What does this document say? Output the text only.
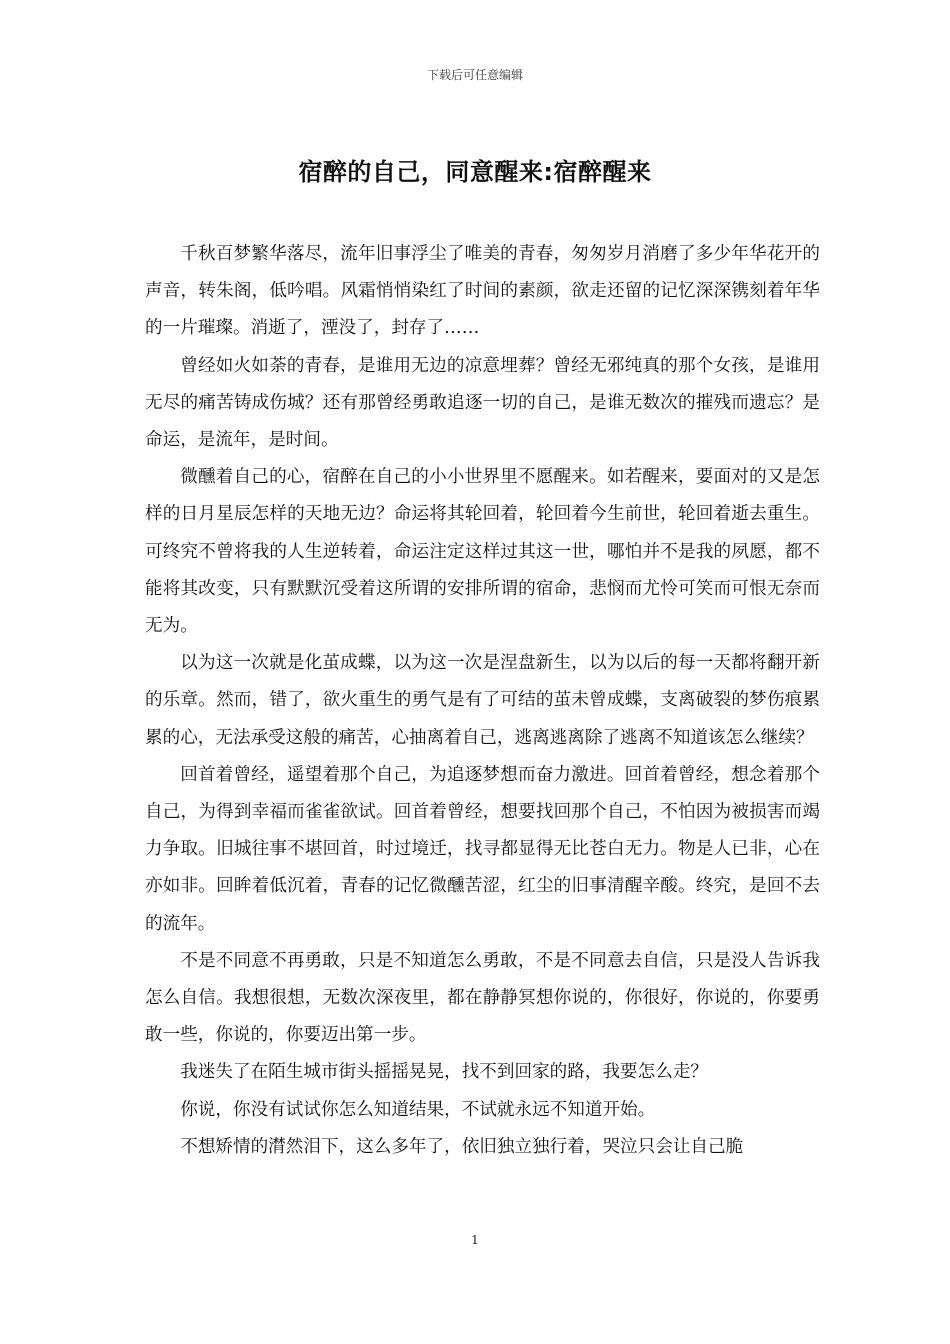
下载后可任意编辑
宿醉的自己，同意醒来:宿醉醒来

千秋百梦繁华落尽，流年旧事浮尘了唯美的青春，匆匆岁月消磨了多少年华花开的声音，转朱阁，低吟唱。风霜悄悄染红了时间的素颜，欲走还留的记忆深深镌刻着年华的一片璀璨。消逝了，湮没了，封存了……

曾经如火如荼的青春，是谁用无边的凉意埋葬？曾经无邪纯真的那个女孩，是谁用无尽的痛苦铸成伤城？还有那曾经勇敢追逐一切的自己，是谁无数次的摧残而遗忘？是命运，是流年，是时间。

微醺着自己的心，宿醉在自己的小小世界里不愿醒来。如若醒来，要面对的又是怎样的日月星辰怎样的天地无边？命运将其轮回着，轮回着今生前世，轮回着逝去重生。可终究不曾将我的人生逆转着，命运注定这样过其这一世，哪怕并不是我的夙愿，都不能将其改变，只有默默沉受着这所谓的安排所谓的宿命，悲悯而尤怜可笑而可恨无奈而无为。

以为这一次就是化茧成蝶，以为这一次是涅盘新生，以为以后的每一天都将翻开新的乐章。然而，错了，欲火重生的勇气是有了可结的茧未曾成蝶，支离破裂的梦伤痕累累的心，无法承受这般的痛苦，心抽离着自己，逃离逃离除了逃离不知道该怎么继续？

回首着曾经，遥望着那个自己，为追逐梦想而奋力激进。回首着曾经，想念着那个自己，为得到幸福而雀雀欲试。回首着曾经，想要找回那个自己，不怕因为被损害而竭力争取。旧城往事不堪回首，时过境迁，找寻都显得无比苍白无力。物是人已非，心在亦如非。回眸着低沉着，青春的记忆微醺苦涩，红尘的旧事清醒辛酸。终究，是回不去的流年。

不是不同意不再勇敢，只是不知道怎么勇敢，不是不同意去自信，只是没人告诉我怎么自信。我想很想，无数次深夜里，都在静静冥想你说的，你很好，你说的，你要勇敢一些，你说的，你要迈出第一步。

我迷失了在陌生城市街头摇摇晃晃，找不到回家的路，我要怎么走？

你说，你没有试试你怎么知道结果，不试就永远不知道开始。

不想矫情的潸然泪下，这么多年了，依旧独立独行着，哭泣只会让自己脆

1
